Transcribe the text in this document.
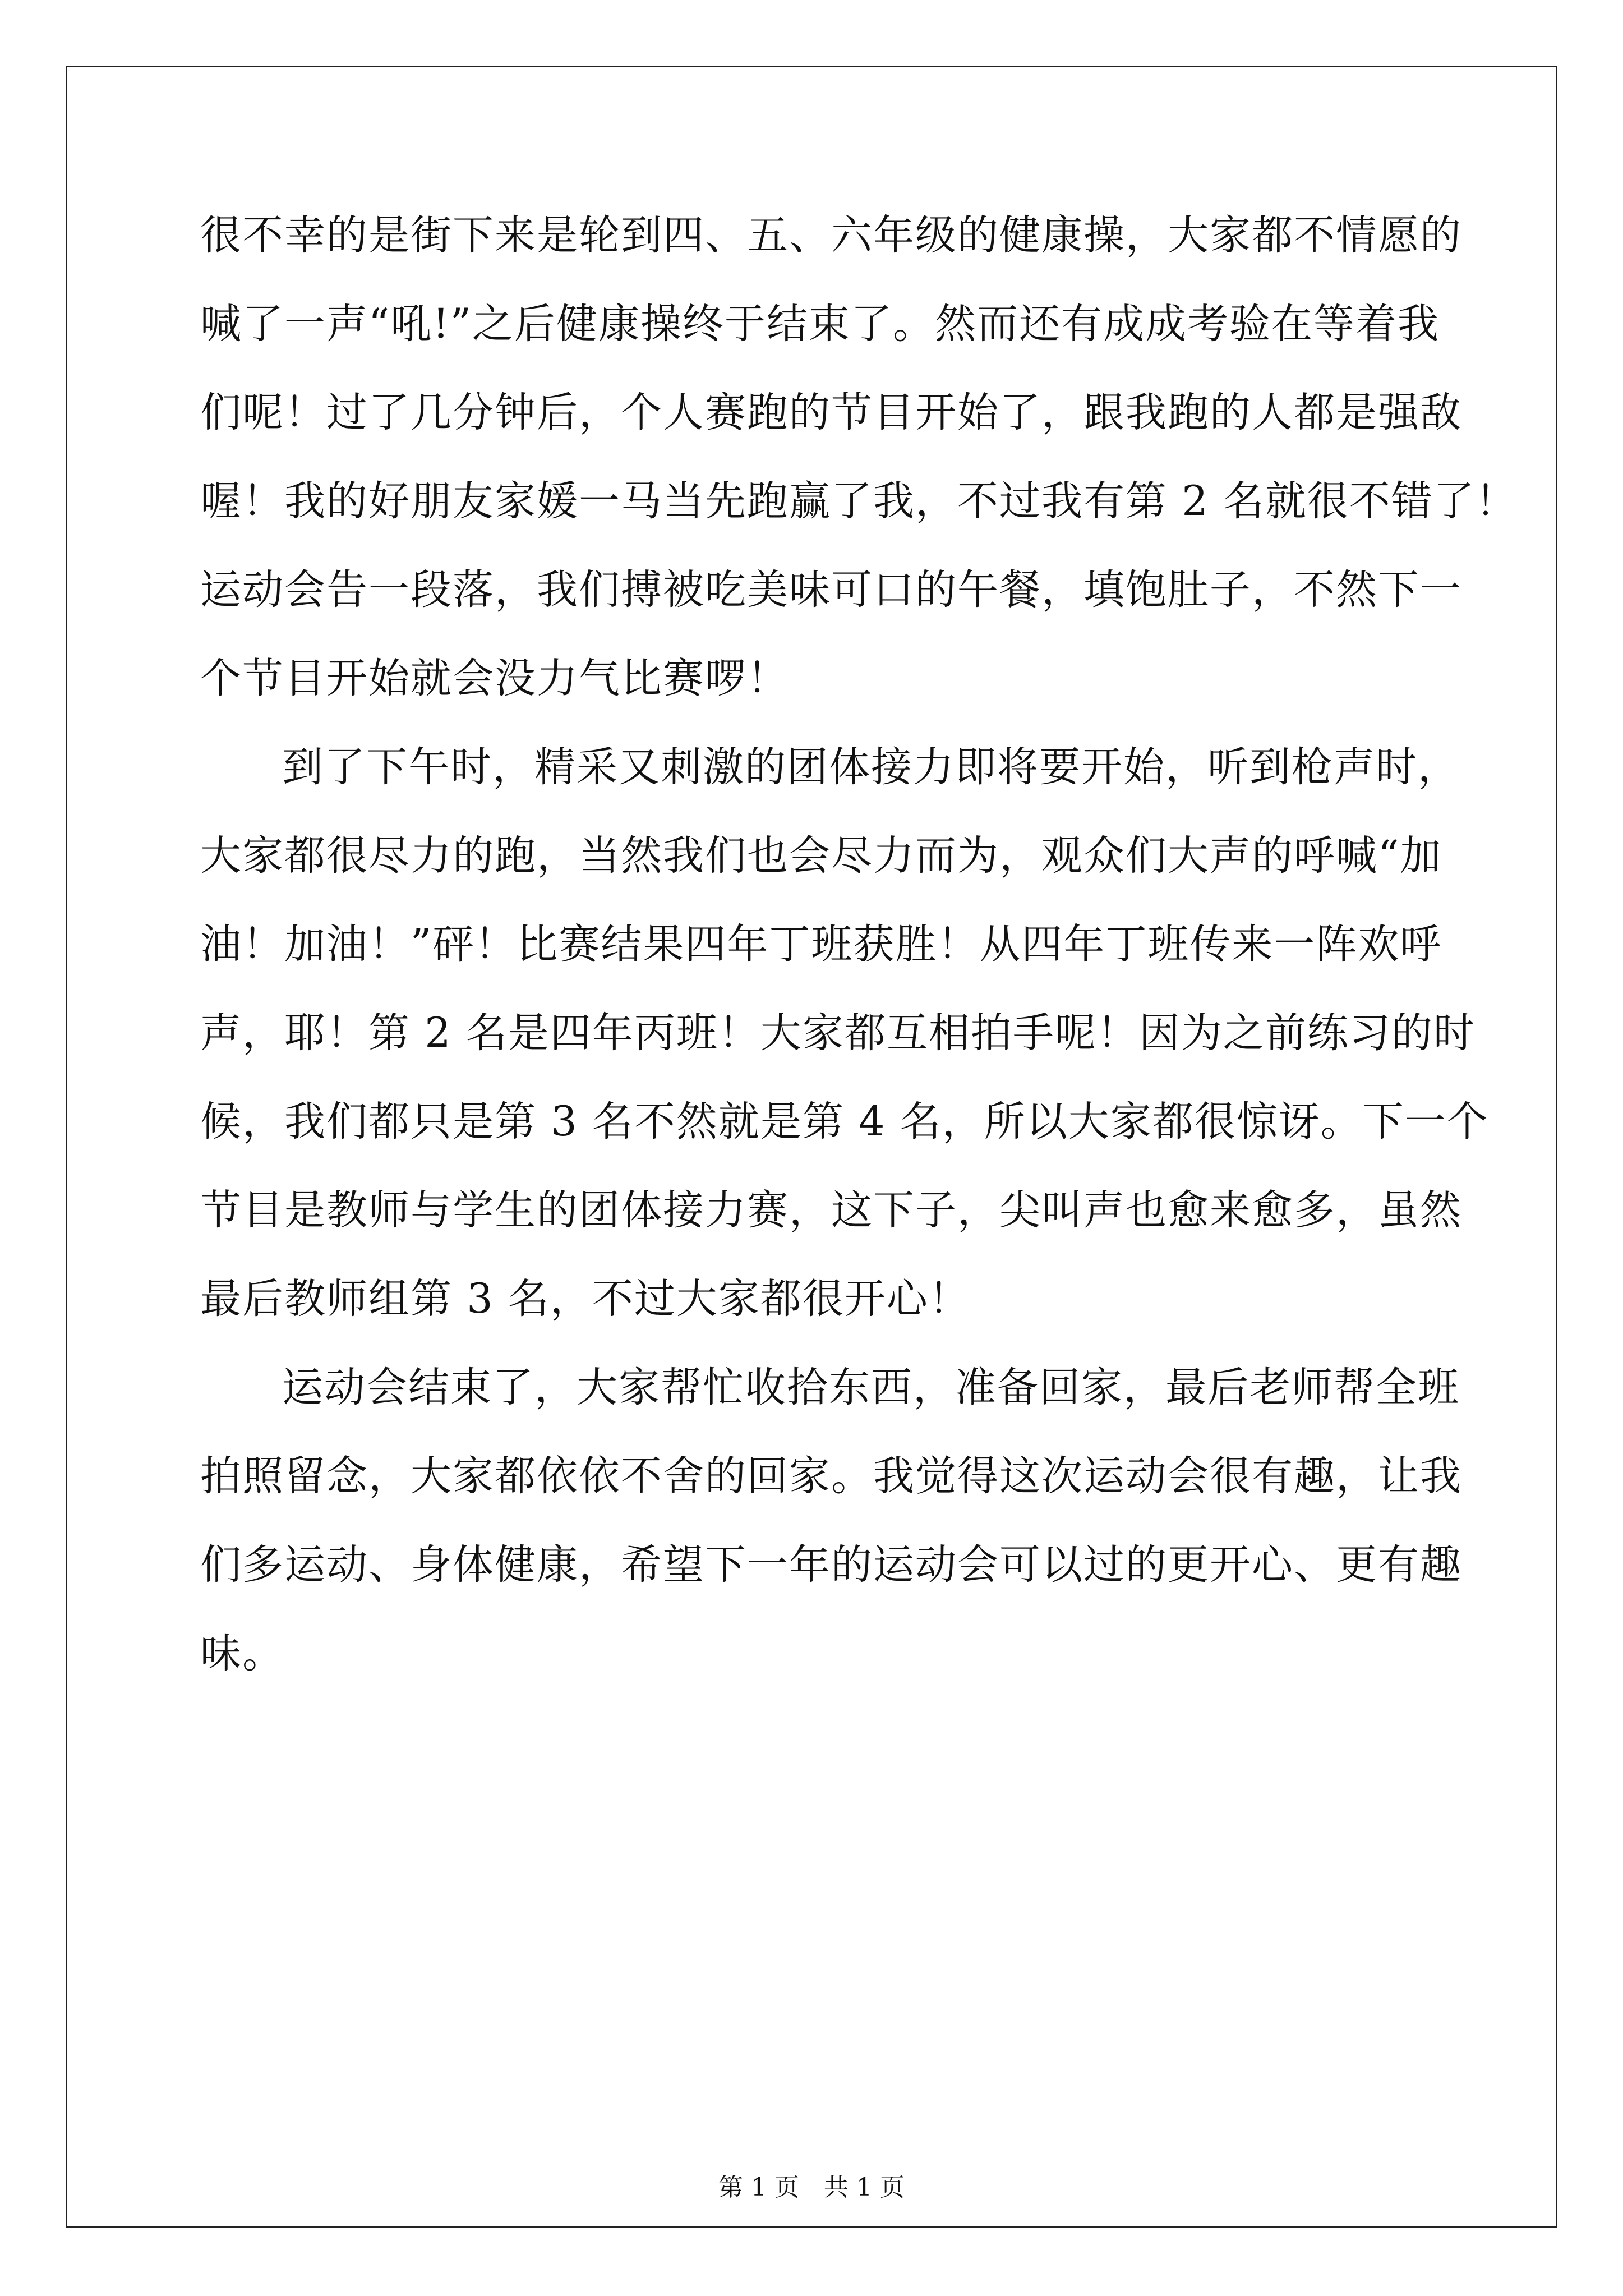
很不幸的是街下来是轮到四、五、六年级的健康操，大家都不情愿的
喊了一声“吼!”之后健康操终于结束了。然而还有成成考验在等着我
们呢！过了几分钟后，个人赛跑的节目开始了，跟我跑的人都是强敌
喔！我的好朋友家媛一马当先跑赢了我，不过我有第 2 名就很不错了！
运动会告一段落，我们搏被吃美味可口的午餐，填饱肚子，不然下一
个节目开始就会没力气比赛啰！
到了下午时，精采又刺激的团体接力即将要开始，听到枪声时，
大家都很尽力的跑，当然我们也会尽力而为，观众们大声的呼喊“加
油！加油！”砰！比赛结果四年丁班获胜！从四年丁班传来一阵欢呼
声，耶！第 2 名是四年丙班！大家都互相拍手呢！因为之前练习的时
候，我们都只是第 3 名不然就是第 4 名，所以大家都很惊讶。下一个
节目是教师与学生的团体接力赛，这下子，尖叫声也愈来愈多，虽然
最后教师组第 3 名，不过大家都很开心！
运动会结束了，大家帮忙收拾东西，准备回家，最后老师帮全班
拍照留念，大家都依依不舍的回家。我觉得这次运动会很有趣，让我
们多运动、身体健康，希望下一年的运动会可以过的更开心、更有趣
味。
第 1 页　共 1 页
